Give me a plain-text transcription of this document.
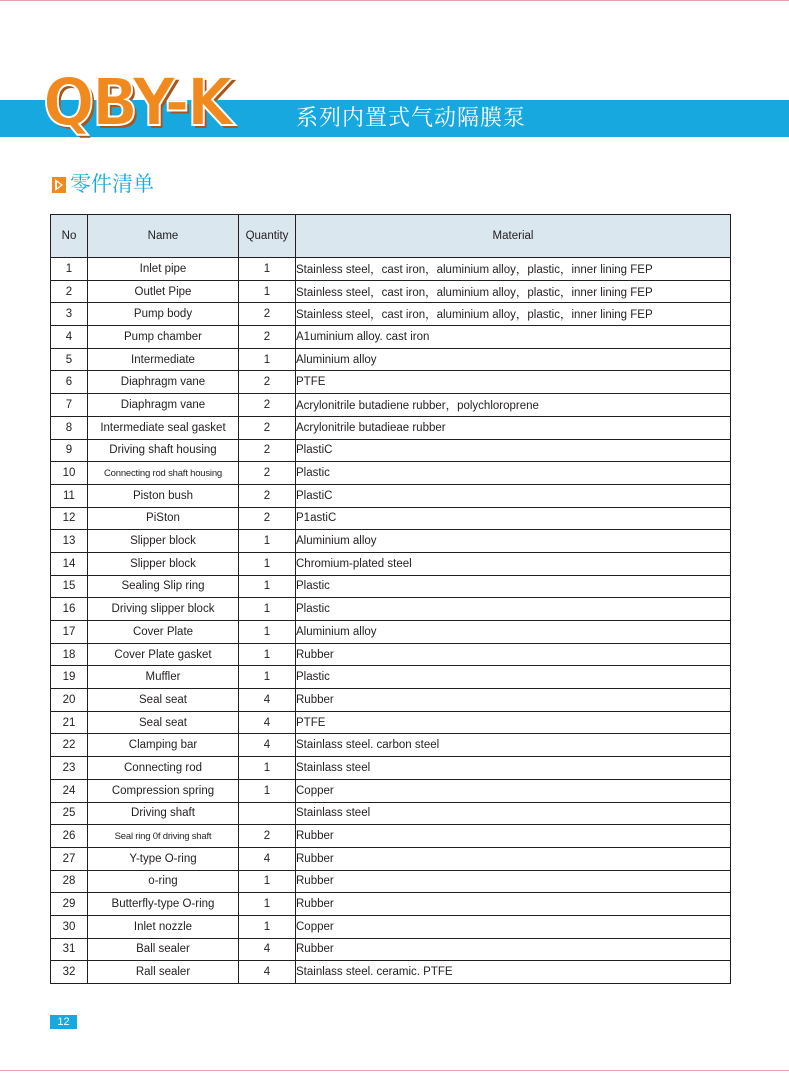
QBY-K	系列内置式气动隔膜泵
零件清单
No	Name	Quantity	Material
1	Inlet pipe	1	Stainless steel，cast iron，aluminium alloy，plastic，inner lining FEP
2	Outlet Pipe	1	Stainless steel，cast iron，aluminium alloy，plastic，inner lining FEP
3	Pump body	2	Stainless steel，cast iron，aluminium alloy，plastic，inner lining FEP
4	Pump chamber	2	A1uminium alloy. cast iron
5	Intermediate	1	Aluminium alloy
6	Diaphragm vane	2	PTFE
7	Diaphragm vane	2	Acrylonitrile butadiene rubber，polychloroprene
8	Intermediate seal gasket	2	Acrylonitrile butadieae rubber
9	Driving shaft housing	2	PlastiC
10	Connecting rod shaft housing	2	Plastic
11	Piston bush	2	PlastiC
12	PiSton	2	P1astiC
13	Slipper block	1	Aluminium alloy
14	Slipper block	1	Chromium-plated steel
15	Sealing Slip ring	1	Plastic
16	Driving slipper block	1	Plastic
17	Cover Plate	1	Aluminium alloy
18	Cover Plate gasket	1	Rubber
19	Muffler	1	Plastic
20	Seal seat	4	Rubber
21	Seal seat	4	PTFE
22	Clamping bar	4	Stainlass steel. carbon steel
23	Connecting rod	1	Stainlass steel
24	Compression spring	1	Copper
25	Driving shaft		Stainlass steel
26	Seal ring 0f driving shaft	2	Rubber
27	Y-type O-ring	4	Rubber
28	o-ring	1	Rubber
29	Butterfly-type O-ring	1	Rubber
30	Inlet nozzle	1	Copper
31	Ball sealer	4	Rubber
32	Rall sealer	4	Stainlass steel. ceramic. PTFE
12
